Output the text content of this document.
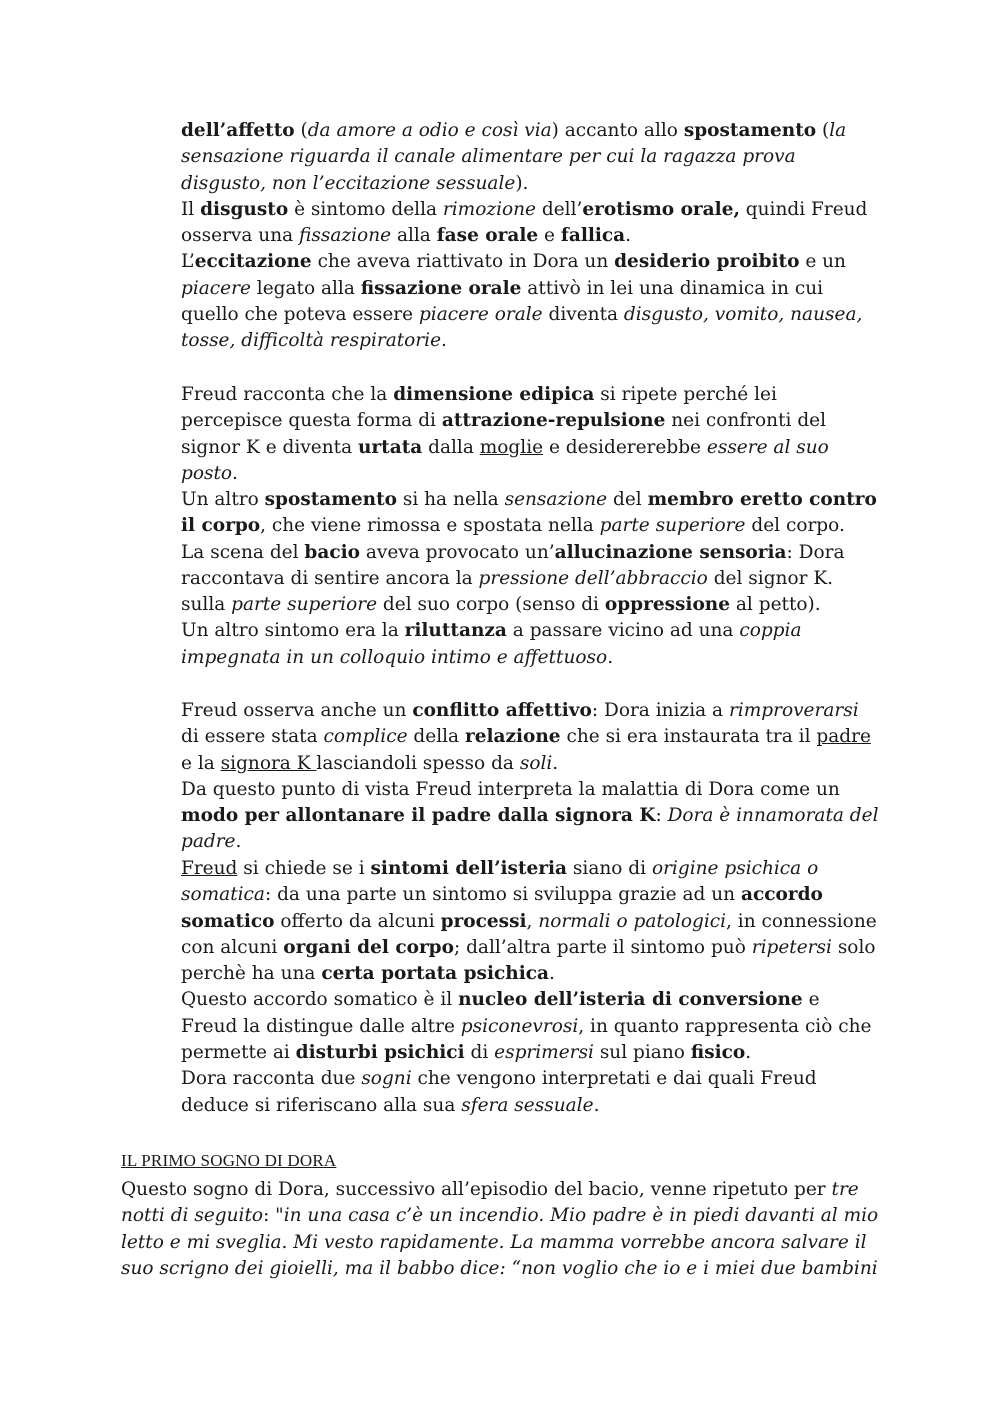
dell’affetto (da amore a odio e così via) accanto allo spostamento (la sensazione riguarda il canale alimentare per cui la ragazza prova disgusto, non l’eccitazione sessuale).

Il disgusto è sintomo della rimozione dell’erotismo orale, quindi Freud osserva una fissazione alla fase orale e fallica.

L’eccitazione che aveva riattivato in Dora un desiderio proibito e un piacere legato alla fissazione orale attivò in lei una dinamica in cui quello che poteva essere piacere orale diventa disgusto, vomito, nausea, tosse, difficoltà respiratorie.

Freud racconta che la dimensione edipica si ripete perché lei percepisce questa forma di attrazione-repulsione nei confronti del signor K e diventa urtata dalla moglie e desidererebbe essere al suo posto.

Un altro spostamento si ha nella sensazione del membro eretto contro il corpo, che viene rimossa e spostata nella parte superiore del corpo.

La scena del bacio aveva provocato un’allucinazione sensoria: Dora raccontava di sentire ancora la pressione dell’abbraccio del signor K. sulla parte superiore del suo corpo (senso di oppressione al petto).

Un altro sintomo era la riluttanza a passare vicino ad una coppia impegnata in un colloquio intimo e affettuoso.

Freud osserva anche un conflitto affettivo: Dora inizia a rimproverarsi di essere stata complice della relazione che si era instaurata tra il padre e la signora K lasciandoli spesso da soli.

Da questo punto di vista Freud interpreta la malattia di Dora come un modo per allontanare il padre dalla signora K: Dora è innamorata del padre.

Freud si chiede se i sintomi dell’isteria siano di origine psichica o somatica: da una parte un sintomo si sviluppa grazie ad un accordo somatico offerto da alcuni processi, normali o patologici, in connessione con alcuni organi del corpo; dall’altra parte il sintomo può ripetersi solo perchè ha una certa portata psichica.

Questo accordo somatico è il nucleo dell’isteria di conversione e Freud la distingue dalle altre psiconevrosi, in quanto rappresenta ciò che permette ai disturbi psichici di esprimersi sul piano fisico.

Dora racconta due sogni che vengono interpretati e dai quali Freud deduce si riferiscano alla sua sfera sessuale.

IL PRIMO SOGNO DI DORA

Questo sogno di Dora, successivo all’episodio del bacio, venne ripetuto per tre notti di seguito: "in una casa c’è un incendio. Mio padre è in piedi davanti al mio letto e mi sveglia. Mi vesto rapidamente. La mamma vorrebbe ancora salvare il suo scrigno dei gioielli, ma il babbo dice: “non voglio che io e i miei due bambini
